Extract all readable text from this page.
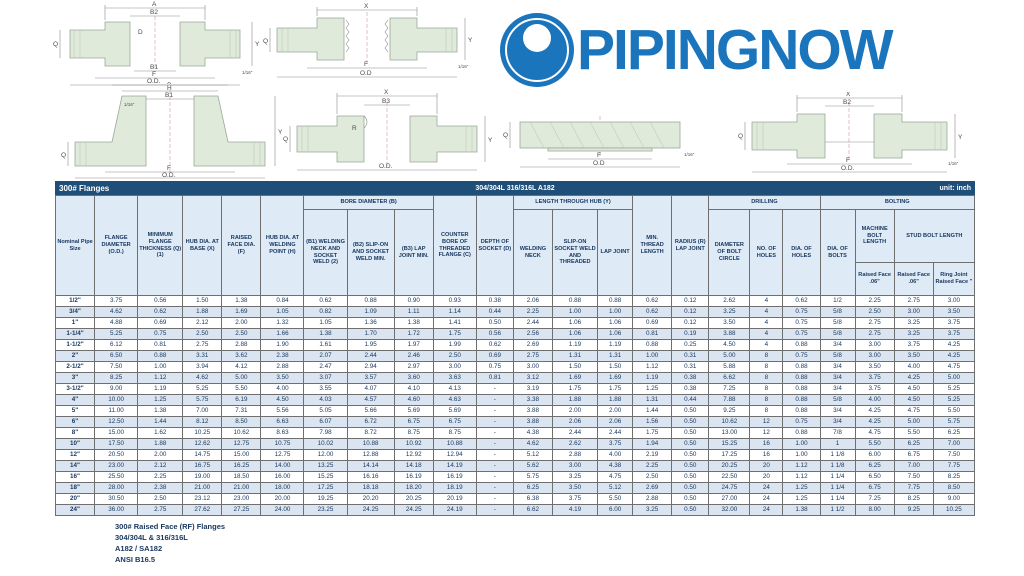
A
B2
D
B1
F
O.D.
Q	Y
1/16"
X
Q
F
O.D
Y
1/16"
X
H
B1
1/16"
Q
F
O.D.
Y
X
B3
R
Q
O.D.
Y
Q
F
O.D
1/16"
X
B2
Q
F
O.D.
Y
1/16"
PIPINGNOW
300# Flanges	304/304L 316/316L A182	unit: inch
Nominal Pipe Size	FLANGE DIAMETER (O.D.)	MINIMUM FLANGE THICKNESS (Q) (1)	HUB DIA. AT BASE (X)	RAISED FACE DIA. (F)	HUB DIA. AT WELDING POINT (H)	BORE DIAMETER (B)			COUNTER BORE OF THREADED FLANGE (C)	DEPTH OF SOCKET (D)	LENGTH THROUGH HUB (Y)			MIN. THREAD LENGTH	RADIUS (R) LAP JOINT	DRILLING			BOLTING			
						(B1) WELDING NECK AND SOCKET WELD (2)	(B2) SLIP-ON AND SOCKET WELD MIN.	(B3) LAP JOINT MIN.			WELDING NECK	SLIP-ON SOCKET WELD AND THREADED	LAP JOINT			DIAMETER OF BOLT CIRCLE	NO. OF HOLES	DIA. OF HOLES	DIA. OF BOLTS	MACHINE BOLT LENGTH	STUD BOLT LENGTH	
																				Raised Face .06"	Raised Face .06"	Ring Joint Raised Face "
1/2"	3.75	0.56	1.50	1.38	0.84	0.62	0.88	0.90	0.93	0.38	2.06	0.88	0.88	0.62	0.12	2.62	4	0.62	1/2	2.25	2.75	3.00
3/4"	4.62	0.62	1.88	1.69	1.05	0.82	1.09	1.11	1.14	0.44	2.25	1.00	1.00	0.62	0.12	3.25	4	0.75	5/8	2.50	3.00	3.50
1"	4.88	0.69	2.12	2.00	1.32	1.05	1.36	1.38	1.41	0.50	2.44	1.06	1.06	0.69	0.12	3.50	4	0.75	5/8	2.75	3.25	3.75
1-1/4"	5.25	0.75	2.50	2.50	1.66	1.38	1.70	1.72	1.75	0.56	2.56	1.06	1.06	0.81	0.19	3.88	4	0.75	5/8	2.75	3.25	3.75
1-1/2"	6.12	0.81	2.75	2.88	1.90	1.61	1.95	1.97	1.99	0.62	2.69	1.19	1.19	0.88	0.25	4.50	4	0.88	3/4	3.00	3.75	4.25
2"	6.50	0.88	3.31	3.62	2.38	2.07	2.44	2.46	2.50	0.69	2.75	1.31	1.31	1.00	0.31	5.00	8	0.75	5/8	3.00	3.50	4.25
2-1/2"	7.50	1.00	3.94	4.12	2.88	2.47	2.94	2.97	3.00	0.75	3.00	1.50	1.50	1.12	0.31	5.88	8	0.88	3/4	3.50	4.00	4.75
3"	8.25	1.12	4.62	5.00	3.50	3.07	3.57	3.60	3.63	0.81	3.12	1.69	1.69	1.19	0.38	6.62	8	0.88	3/4	3.75	4.25	5.00
3-1/2"	9.00	1.19	5.25	5.50	4.00	3.55	4.07	4.10	4.13	-	3.19	1.75	1.75	1.25	0.38	7.25	8	0.88	3/4	3.75	4.50	5.25
4"	10.00	1.25	5.75	6.19	4.50	4.03	4.57	4.60	4.63	-	3.38	1.88	1.88	1.31	0.44	7.88	8	0.88	5/8	4.00	4.50	5.25
5"	11.00	1.38	7.00	7.31	5.56	5.05	5.66	5.69	5.69	-	3.88	2.00	2.00	1.44	0.50	9.25	8	0.88	3/4	4.25	4.75	5.50
6"	12.50	1.44	8.12	8.50	6.63	6.07	6.72	6.75	6.75	-	3.88	2.06	2.06	1.56	0.50	10.62	12	0.75	3/4	4.25	5.00	5.75
8"	15.00	1.62	10.25	10.62	8.63	7.98	8.72	8.75	8.75	-	4.38	2.44	2.44	1.75	0.50	13.00	12	0.88	7/8	4.75	5.50	6.25
10"	17.50	1.88	12.62	12.75	10.75	10.02	10.88	10.92	10.88	-	4.62	2.62	3.75	1.94	0.50	15.25	16	1.00	1	5.50	6.25	7.00
12"	20.50	2.00	14.75	15.00	12.75	12.00	12.88	12.92	12.94	-	5.12	2.88	4.00	2.19	0.50	17.25	16	1.00	1 1/8	6.00	6.75	7.50
14"	23.00	2.12	16.75	16.25	14.00	13.25	14.14	14.18	14.19	-	5.62	3.00	4.38	2.25	0.50	20.25	20	1.12	1 1/8	6.25	7.00	7.75
16"	25.50	2.25	19.00	18.50	16.00	15.25	16.16	16.19	16.19	-	5.75	3.25	4.75	2.50	0.50	22.50	20	1.12	1 1/4	6.50	7.50	8.25
18"	28.00	2.38	21.00	21.00	18.00	17.25	18.18	18.20	18.19	-	6.25	3.50	5.12	2.69	0.50	24.75	24	1.25	1 1/4	6.75	7.75	8.50
20"	30.50	2.50	23.12	23.00	20.00	19.25	20.20	20.25	20.19	-	6.38	3.75	5.50	2.88	0.50	27.00	24	1.25	1 1/4	7.25	8.25	9.00
24"	36.00	2.75	27.62	27.25	24.00	23.25	24.25	24.25	24.19	-	6.62	4.19	6.00	3.25	0.50	32.00	24	1.38	1 1/2	8.00	9.25	10.25
300# Raised Face (RF) Flanges
304/304L & 316/316L
A182 / SA182
ANSI B16.5
